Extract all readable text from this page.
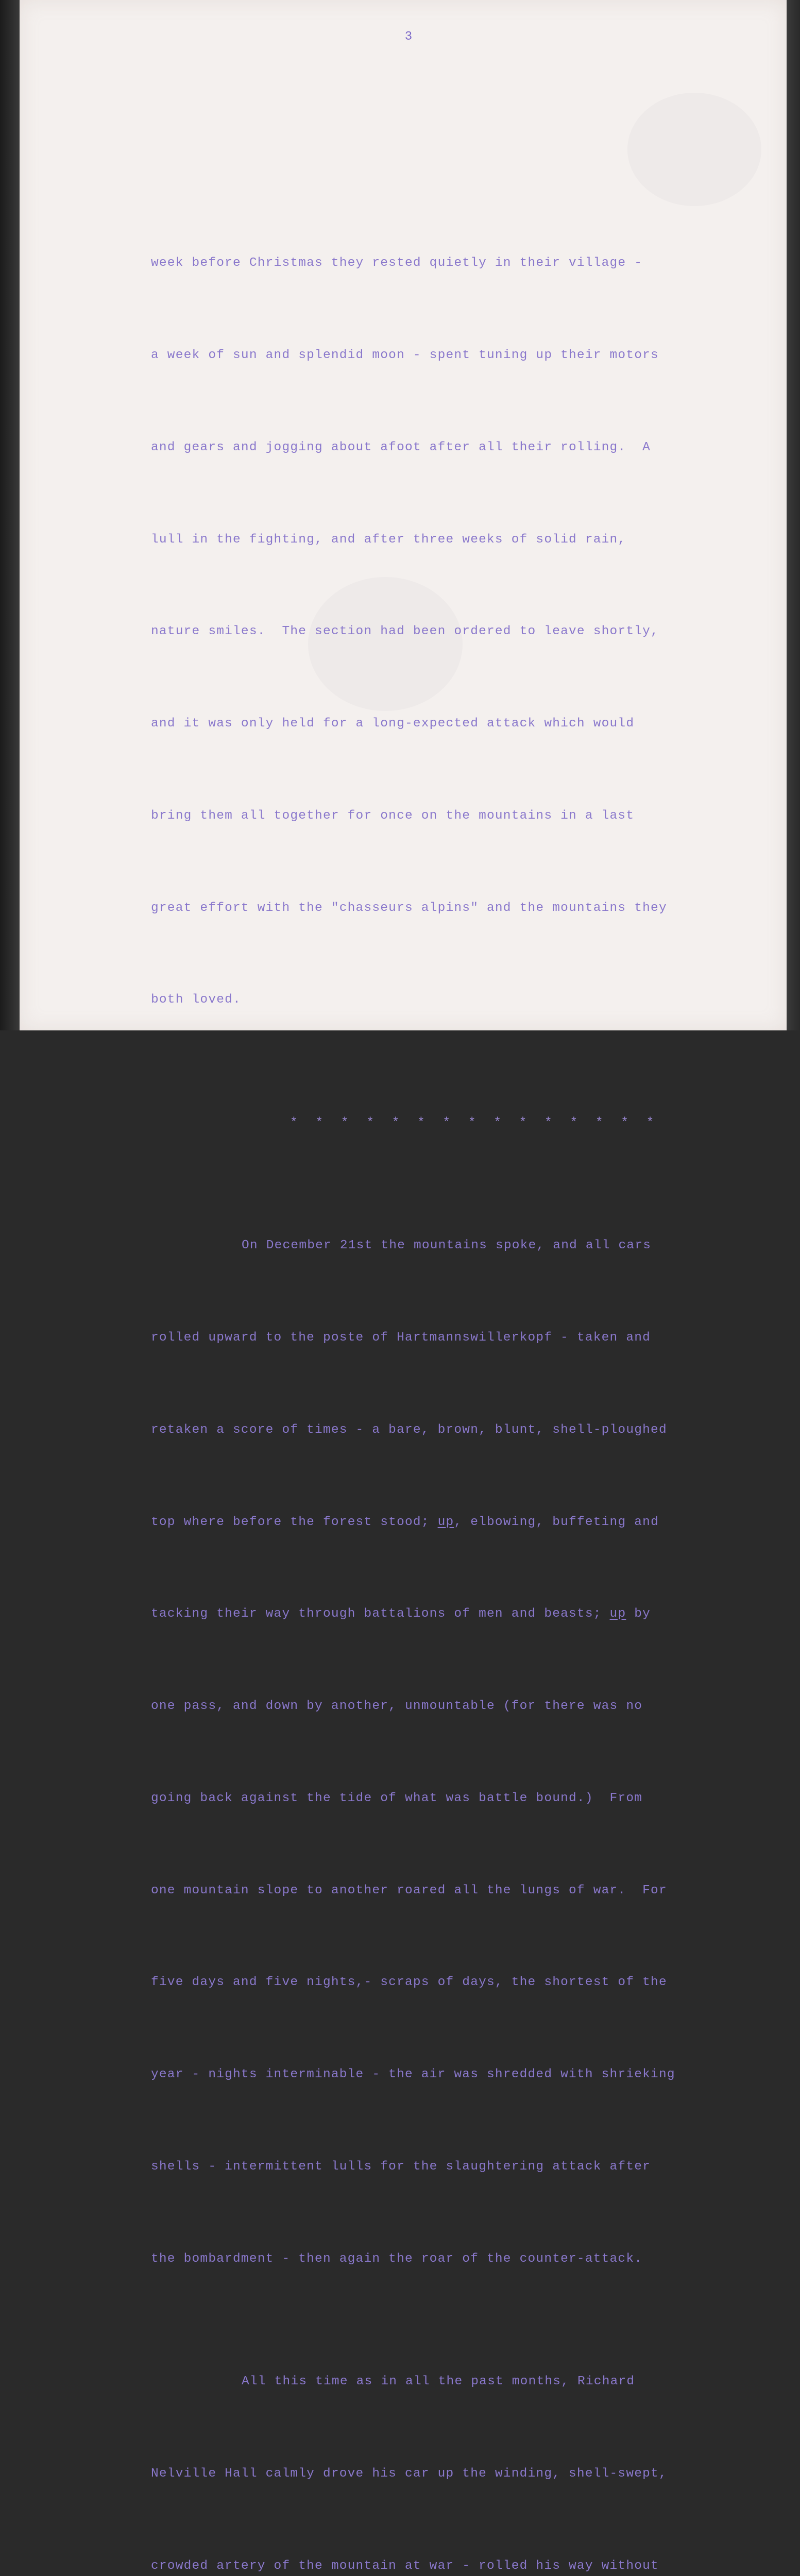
3

week before Christmas they rested quietly in their village -

a week of sun and splendid moon - spent tuning up their motors

and gears and jogging about afoot after all their rolling.  A

lull in the fighting, and after three weeks of solid rain,

nature smiles.  The section had been ordered to leave shortly,

and it was only held for a long-expected attack which would

bring them all together for once on the mountains in a last

great effort with the "chasseurs alpins" and the mountains they

both loved.

* * * * * * * * * * * * * * *

On December 21st the mountains spoke, and all cars

rolled upward to the poste of Hartmannswillerkopf - taken and

retaken a score of times - a bare, brown, blunt, shell-ploughed

top where before the forest stood; up, elbowing, buffeting and

tacking their way through battalions of men and beasts; up by

one pass, and down by another, unmountable (for there was no

going back against the tide of what was battle bound.)  From

one mountain slope to another roared all the lungs of war.  For

five days and five nights,- scraps of days, the shortest of the

year - nights interminable - the air was shredded with shrieking

shells - intermittent lulls for the slaughtering attack after

the bombardment - then again the roar of the counter-attack.

All this time as in all the past months, Richard

Nelville Hall calmly drove his car up the winding, shell-swept,

crowded artery of the mountain at war - rolled his way without
